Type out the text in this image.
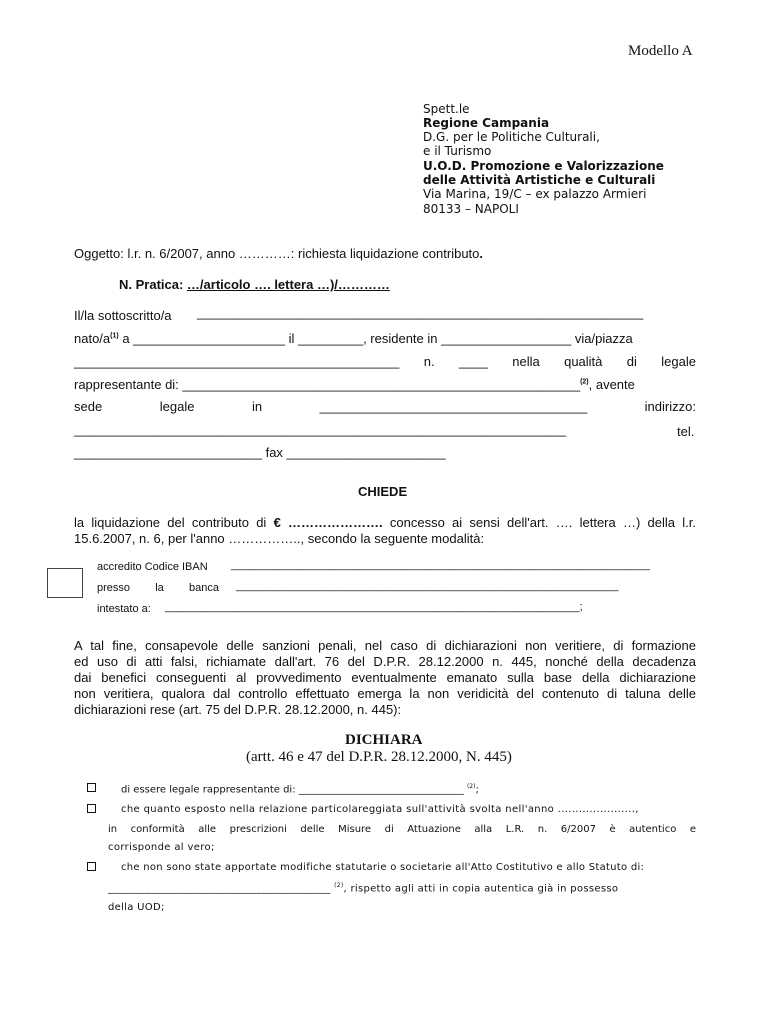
Modello A
Spett.le
Regione Campania
D.G. per le Politiche Culturali,
e il Turismo
U.O.D. Promozione e Valorizzazione
delle Attività Artistiche e Culturali
Via Marina, 19/C – ex palazzo Armieri
80133 – NAPOLI
Oggetto: l.r. n. 6/2007, anno …………: richiesta liquidazione contributo.
N. Pratica: …/articolo …. lettera …)/…………
Il/la sottoscritto/a _______________________________________________________________
nato/$a^{(1)}$ a _____________________ il _________, residente in __________________ via/piazza
_____________________________________________ n. ____ nella qualità di legale
rappresentante di: _______________________________________________________$^{(2)}$, avente
sede	legale	in	_____________________________________	indirizzo:
_____________________________________________________________________	tel.
__________________________ fax ______________________
CHIEDE
la liquidazione del contributo di € …………………. concesso ai sensi dell'art. …. lettera …) della l.r.
15.6.2007, n. 6, per l'anno …………….., secondo la seguente modalità:
accredito Codice IBAN _____________________________________________________________________
presso la banca ______________________________________________________________
intestato a: ____________________________________________________________________;
A tal fine, consapevole delle sanzioni penali, nel caso di dichiarazioni non veritiere, di formazione
ed uso di atti falsi, richiamate dall'art. 76 del D.P.R. 28.12.2000 n. 445, nonché della decadenza
dai benefici conseguenti al provvedimento eventualmente emanato sulla base della dichiarazione
non veritiera, qualora dal controllo effettuato emerga la non veridicità del contenuto di taluna delle
dichiarazioni rese (art. 75 del D.P.R. 28.12.2000, n. 445):
DICHIARA
(artt. 46 e 47 del D.P.R. 28.12.2000, N. 445)
di essere legale rappresentante di: _________________________________ $^{(2)}$;
che quanto esposto nella relazione particolareggiata sull'attività svolta nell'anno ......................,
in conformità alle prescrizioni delle Misure di Attuazione alla L.R. n. 6/2007 è autentico e
corrisponde al vero;
che non sono state apportate modifiche statutarie o societarie all'Atto Costitutivo e allo Statuto di:
__________________________________________ $^{(2)}$, rispetto agli atti in copia autentica già in possesso
della UOD;
